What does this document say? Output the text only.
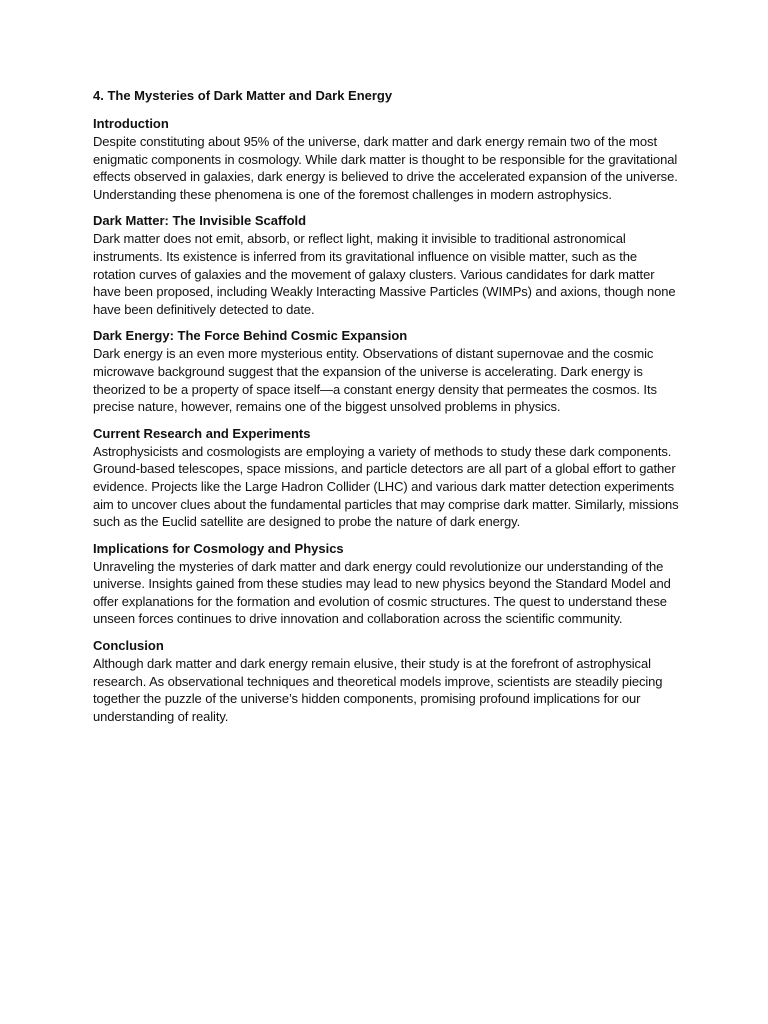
4. The Mysteries of Dark Matter and Dark Energy
Introduction
Despite constituting about 95% of the universe, dark matter and dark energy remain two of the most enigmatic components in cosmology. While dark matter is thought to be responsible for the gravitational effects observed in galaxies, dark energy is believed to drive the accelerated expansion of the universe. Understanding these phenomena is one of the foremost challenges in modern astrophysics.
Dark Matter: The Invisible Scaffold
Dark matter does not emit, absorb, or reflect light, making it invisible to traditional astronomical instruments. Its existence is inferred from its gravitational influence on visible matter, such as the rotation curves of galaxies and the movement of galaxy clusters. Various candidates for dark matter have been proposed, including Weakly Interacting Massive Particles (WIMPs) and axions, though none have been definitively detected to date.
Dark Energy: The Force Behind Cosmic Expansion
Dark energy is an even more mysterious entity. Observations of distant supernovae and the cosmic microwave background suggest that the expansion of the universe is accelerating. Dark energy is theorized to be a property of space itself—a constant energy density that permeates the cosmos. Its precise nature, however, remains one of the biggest unsolved problems in physics.
Current Research and Experiments
Astrophysicists and cosmologists are employing a variety of methods to study these dark components. Ground-based telescopes, space missions, and particle detectors are all part of a global effort to gather evidence. Projects like the Large Hadron Collider (LHC) and various dark matter detection experiments aim to uncover clues about the fundamental particles that may comprise dark matter. Similarly, missions such as the Euclid satellite are designed to probe the nature of dark energy.
Implications for Cosmology and Physics
Unraveling the mysteries of dark matter and dark energy could revolutionize our understanding of the universe. Insights gained from these studies may lead to new physics beyond the Standard Model and offer explanations for the formation and evolution of cosmic structures. The quest to understand these unseen forces continues to drive innovation and collaboration across the scientific community.
Conclusion
Although dark matter and dark energy remain elusive, their study is at the forefront of astrophysical research. As observational techniques and theoretical models improve, scientists are steadily piecing together the puzzle of the universe’s hidden components, promising profound implications for our understanding of reality.
